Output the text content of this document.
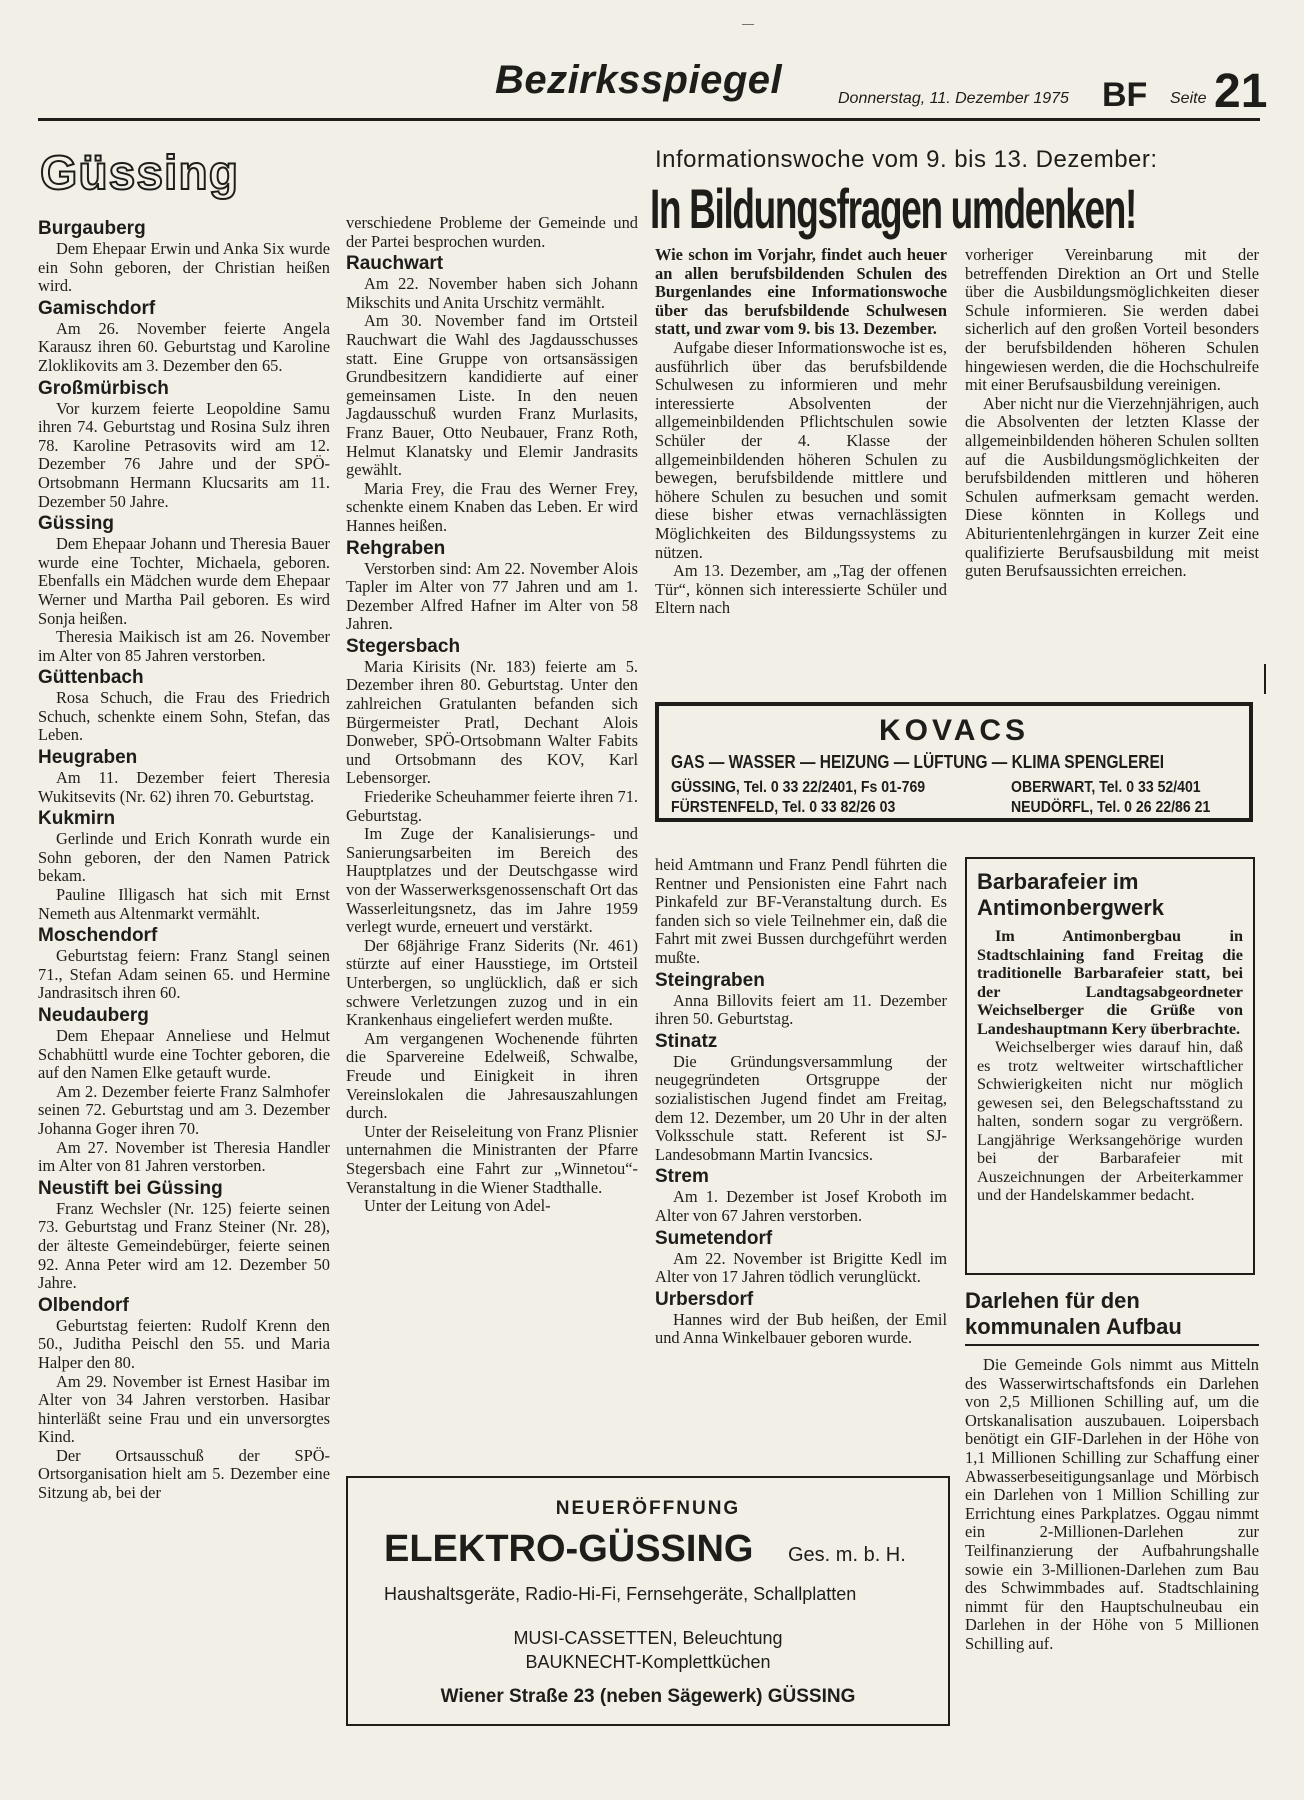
—
Bezirksspiegel	Donnerstag, 11. Dezember 1975 BF Seite 21
Güssing
Burgauberg

Dem Ehepaar Erwin und Anka Six wurde ein Sohn geboren, der Christian heißen wird.

Gamischdorf

Am 26. November feierte Angela Karausz ihren 60. Geburtstag und Karoline Zloklikovits am 3. Dezember den 65.

Großmürbisch

Vor kurzem feierte Leopoldine Samu ihren 74. Geburtstag und Rosina Sulz ihren 78. Karoline Petrasovits wird am 12. Dezember 76 Jahre und der SPÖ-Ortsobmann Hermann Klucsarits am 11. Dezember 50 Jahre.

Güssing

Dem Ehepaar Johann und Theresia Bauer wurde eine Tochter, Michaela, geboren. Ebenfalls ein Mädchen wurde dem Ehepaar Werner und Martha Pail geboren. Es wird Sonja heißen.

Theresia Maikisch ist am 26. November im Alter von 85 Jahren verstorben.

Güttenbach

Rosa Schuch, die Frau des Friedrich Schuch, schenkte einem Sohn, Stefan, das Leben.

Heugraben

Am 11. Dezember feiert Theresia Wukitsevits (Nr. 62) ihren 70. Geburtstag.

Kukmirn

Gerlinde und Erich Konrath wurde ein Sohn geboren, der den Namen Patrick bekam.

Pauline Illigasch hat sich mit Ernst Nemeth aus Altenmarkt vermählt.

Moschendorf

Geburtstag feiern: Franz Stangl seinen 71., Stefan Adam seinen 65. und Hermine Jandrasitsch ihren 60.

Neudauberg

Dem Ehepaar Anneliese und Helmut Schabhüttl wurde eine Tochter geboren, die auf den Namen Elke getauft wurde.

Am 2. Dezember feierte Franz Salmhofer seinen 72. Geburtstag und am 3. Dezember Johanna Goger ihren 70.

Am 27. November ist Theresia Handler im Alter von 81 Jahren verstorben.

Neustift bei Güssing

Franz Wechsler (Nr. 125) feierte seinen 73. Geburtstag und Franz Steiner (Nr. 28), der älteste Gemeindebürger, feierte seinen 92. Anna Peter wird am 12. Dezember 50 Jahre.

Olbendorf

Geburtstag feierten: Rudolf Krenn den 50., Juditha Peischl den 55. und Maria Halper den 80.

Am 29. November ist Ernest Hasibar im Alter von 34 Jahren verstorben. Hasibar hinterläßt seine Frau und ein unversorgtes Kind.

Der Ortsausschuß der SPÖ-Ortsorganisation hielt am 5. Dezember eine Sitzung ab, bei der

verschiedene Probleme der Gemeinde und der Partei besprochen wurden.

Rauchwart

Am 22. November haben sich Johann Mikschits und Anita Urschitz vermählt.

Am 30. November fand im Ortsteil Rauchwart die Wahl des Jagdausschusses statt. Eine Gruppe von ortsansässigen Grundbesitzern kandidierte auf einer gemeinsamen Liste. In den neuen Jagdausschuß wurden Franz Murlasits, Franz Bauer, Otto Neubauer, Franz Roth, Helmut Klanatsky und Elemir Jandrasits gewählt.

Maria Frey, die Frau des Werner Frey, schenkte einem Knaben das Leben. Er wird Hannes heißen.

Rehgraben

Verstorben sind: Am 22. November Alois Tapler im Alter von 77 Jahren und am 1. Dezember Alfred Hafner im Alter von 58 Jahren.

Stegersbach

Maria Kirisits (Nr. 183) feierte am 5. Dezember ihren 80. Geburtstag. Unter den zahlreichen Gratulanten befanden sich Bürgermeister Pratl, Dechant Alois Donweber, SPÖ-Ortsobmann Walter Fabits und Ortsobmann des KOV, Karl Lebensorger.

Friederike Scheuhammer feierte ihren 71. Geburtstag.

Im Zuge der Kanalisierungs- und Sanierungsarbeiten im Bereich des Hauptplatzes und der Deutschgasse wird von der Wasserwerksgenossenschaft Ort das Wasserleitungsnetz, das im Jahre 1959 verlegt wurde, erneuert und verstärkt.

Der 68jährige Franz Siderits (Nr. 461) stürzte auf einer Hausstiege, im Ortsteil Unterbergen, so unglücklich, daß er sich schwere Verletzungen zuzog und in ein Krankenhaus eingeliefert werden mußte.

Am vergangenen Wochenende führten die Sparvereine Edelweiß, Schwalbe, Freude und Einigkeit in ihren Vereinslokalen die Jahresauszahlungen durch.

Unter der Reiseleitung von Franz Plisnier unternahmen die Ministranten der Pfarre Stegersbach eine Fahrt zur „Winnetou“-Veranstaltung in die Wiener Stadthalle.

Unter der Leitung von Adel-

Informationswoche vom 9. bis 13. Dezember:
In Bildungsfragen umdenken!

Wie schon im Vorjahr, findet auch heuer an allen berufsbildenden Schulen des Burgenlandes eine Informationswoche über das berufsbildende Schulwesen statt, und zwar vom 9. bis 13. Dezember.

Aufgabe dieser Informationswoche ist es, ausführlich über das berufsbildende Schulwesen zu informieren und mehr interessierte Absolventen der allgemeinbildenden Pflichtschulen sowie Schüler der 4. Klasse der allgemeinbildenden höheren Schulen zu bewegen, berufsbildende mittlere und höhere Schulen zu besuchen und somit diese bisher etwas vernachlässigten Möglichkeiten des Bildungssystems zu nützen.

Am 13. Dezember, am „Tag der offenen Tür“, können sich interessierte Schüler und Eltern nach

vorheriger Vereinbarung mit der betreffenden Direktion an Ort und Stelle über die Ausbildungsmöglichkeiten dieser Schule informieren. Sie werden dabei sicherlich auf den großen Vorteil besonders der berufsbildenden höheren Schulen hingewiesen werden, die die Hochschulreife mit einer Berufsausbildung vereinigen.

Aber nicht nur die Vierzehnjährigen, auch die Absolventen der letzten Klasse der allgemeinbildenden höheren Schulen sollten auf die Ausbildungsmöglichkeiten der berufsbildenden mittleren und höheren Schulen aufmerksam gemacht werden. Diese könnten in Kollegs und Abiturientenlehrgängen in kurzer Zeit eine qualifizierte Berufsausbildung mit meist guten Berufsaussichten erreichen.

KOVACS
GAS — WASSER — HEIZUNG — LÜFTUNG — KLIMA SPENGLEREI
GÜSSING, Tel. 0 33 22/2401, Fs 01-769
FÜRSTENFELD, Tel. 0 33 82/26 03
OBERWART, Tel. 0 33 52/401
NEUDÖRFL, Tel. 0 26 22/86 21

heid Amtmann und Franz Pendl führten die Rentner und Pensionisten eine Fahrt nach Pinkafeld zur BF-Veranstaltung durch. Es fanden sich so viele Teilnehmer ein, daß die Fahrt mit zwei Bussen durchgeführt werden mußte.

Steingraben

Anna Billovits feiert am 11. Dezember ihren 50. Geburtstag.

Stinatz

Die Gründungsversammlung der neugegründeten Ortsgruppe der sozialistischen Jugend findet am Freitag, dem 12. Dezember, um 20 Uhr in der alten Volksschule statt. Referent ist SJ-Landesobmann Martin Ivancsics.

Strem

Am 1. Dezember ist Josef Kroboth im Alter von 67 Jahren verstorben.

Sumetendorf

Am 22. November ist Brigitte Kedl im Alter von 17 Jahren tödlich verunglückt.

Urbersdorf

Hannes wird der Bub heißen, der Emil und Anna Winkelbauer geboren wurde.

Barbarafeier im Antimonbergwerk

Im Antimonbergbau in Stadtschlaining fand Freitag die traditionelle Barbarafeier statt, bei der Landtagsabgeordneter Weichselberger die Grüße von Landeshauptmann Kery überbrachte.

Weichselberger wies darauf hin, daß es trotz weltweiter wirtschaftlicher Schwierigkeiten nicht nur möglich gewesen sei, den Belegschaftsstand zu halten, sondern sogar zu vergrößern. Langjährige Werksangehörige wurden bei der Barbarafeier mit Auszeichnungen der Arbeiterkammer und der Handelskammer bedacht.

Darlehen für den
kommunalen Aufbau

Die Gemeinde Gols nimmt aus Mitteln des Wasserwirtschaftsfonds ein Darlehen von 2,5 Millionen Schilling auf, um die Ortskanalisation auszubauen. Loipersbach benötigt ein GIF-Darlehen in der Höhe von 1,1 Millionen Schilling zur Schaffung einer Abwasserbeseitigungsanlage und Mörbisch ein Darlehen von 1 Million Schilling zur Errichtung eines Parkplatzes. Oggau nimmt ein 2-Millionen-Darlehen zur Teilfinanzierung der Aufbahrungshalle sowie ein 3-Millionen-Darlehen zum Bau des Schwimmbades auf. Stadtschlaining nimmt für den Hauptschulneubau ein Darlehen in der Höhe von 5 Millionen Schilling auf.

NEUERÖFFNUNG
ELEKTRO-GÜSSING Ges. m. b. H.
Haushaltsgeräte, Radio-Hi-Fi, Fernsehgeräte, Schallplatten
MUSI-CASSETTEN, Beleuchtung
BAUKNECHT-Komplettküchen
Wiener Straße 23 (neben Sägewerk) GÜSSING
